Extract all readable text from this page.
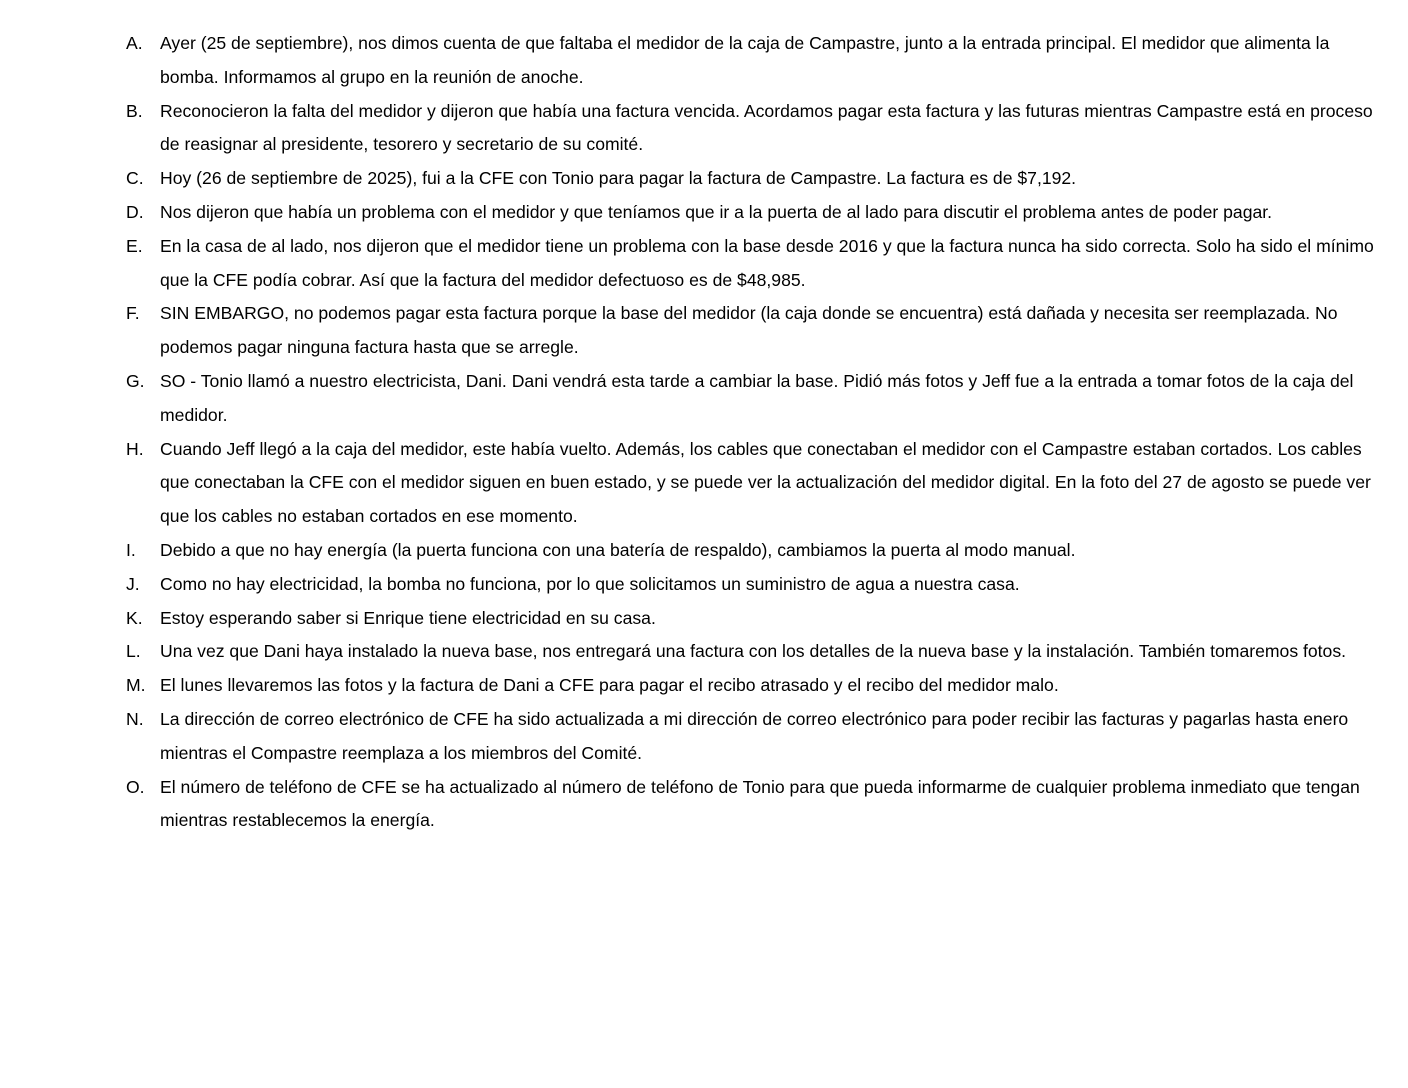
A. Ayer (25 de septiembre), nos dimos cuenta de que faltaba el medidor de la caja de Campastre, junto a la entrada principal. El medidor que alimenta la bomba. Informamos al grupo en la reunión de anoche.
B. Reconocieron la falta del medidor y dijeron que había una factura vencida. Acordamos pagar esta factura y las futuras mientras Campastre está en proceso de reasignar al presidente, tesorero y secretario de su comité.
C. Hoy (26 de septiembre de 2025), fui a la CFE con Tonio para pagar la factura de Campastre. La factura es de $7,192.
D. Nos dijeron que había un problema con el medidor y que teníamos que ir a la puerta de al lado para discutir el problema antes de poder pagar.
E. En la casa de al lado, nos dijeron que el medidor tiene un problema con la base desde 2016 y que la factura nunca ha sido correcta. Solo ha sido el mínimo que la CFE podía cobrar. Así que la factura del medidor defectuoso es de $48,985.
F.	SIN EMBARGO, no podemos pagar esta factura porque la base del medidor (la caja donde se encuentra) está dañada y necesita ser reemplazada. No podemos pagar ninguna factura hasta que se arregle.
G. SO - Tonio llamó a nuestro electricista, Dani. Dani vendrá esta tarde a cambiar la base. Pidió más fotos y Jeff fue a la entrada a tomar fotos de la caja del medidor.
H. Cuando Jeff llegó a la caja del medidor, este había vuelto. Además, los cables que conectaban el medidor con el Campastre estaban cortados. Los cables que conectaban la CFE con el medidor siguen en buen estado, y se puede ver la actualización del medidor digital. En la foto del 27 de agosto se puede ver que los cables no estaban cortados en ese momento.
I.	Debido a que no hay energía (la puerta funciona con una batería de respaldo), cambiamos la puerta al modo manual.
J.	Como no hay electricidad, la bomba no funciona, por lo que solicitamos un suministro de agua a nuestra casa.
K. Estoy esperando saber si Enrique tiene electricidad en su casa.
L.	Una vez que Dani haya instalado la nueva base, nos entregará una factura con los detalles de la nueva base y la instalación. También tomaremos fotos.
M. El lunes llevaremos las fotos y la factura de Dani a CFE para pagar el recibo atrasado y el recibo del medidor malo.
N. La dirección de correo electrónico de CFE ha sido actualizada a mi dirección de correo electrónico para poder recibir las facturas y pagarlas hasta enero mientras el Compastre reemplaza a los miembros del Comité.
O. El número de teléfono de CFE se ha actualizado al número de teléfono de Tonio para que pueda informarme de cualquier problema inmediato que tengan mientras restablecemos la energía.
